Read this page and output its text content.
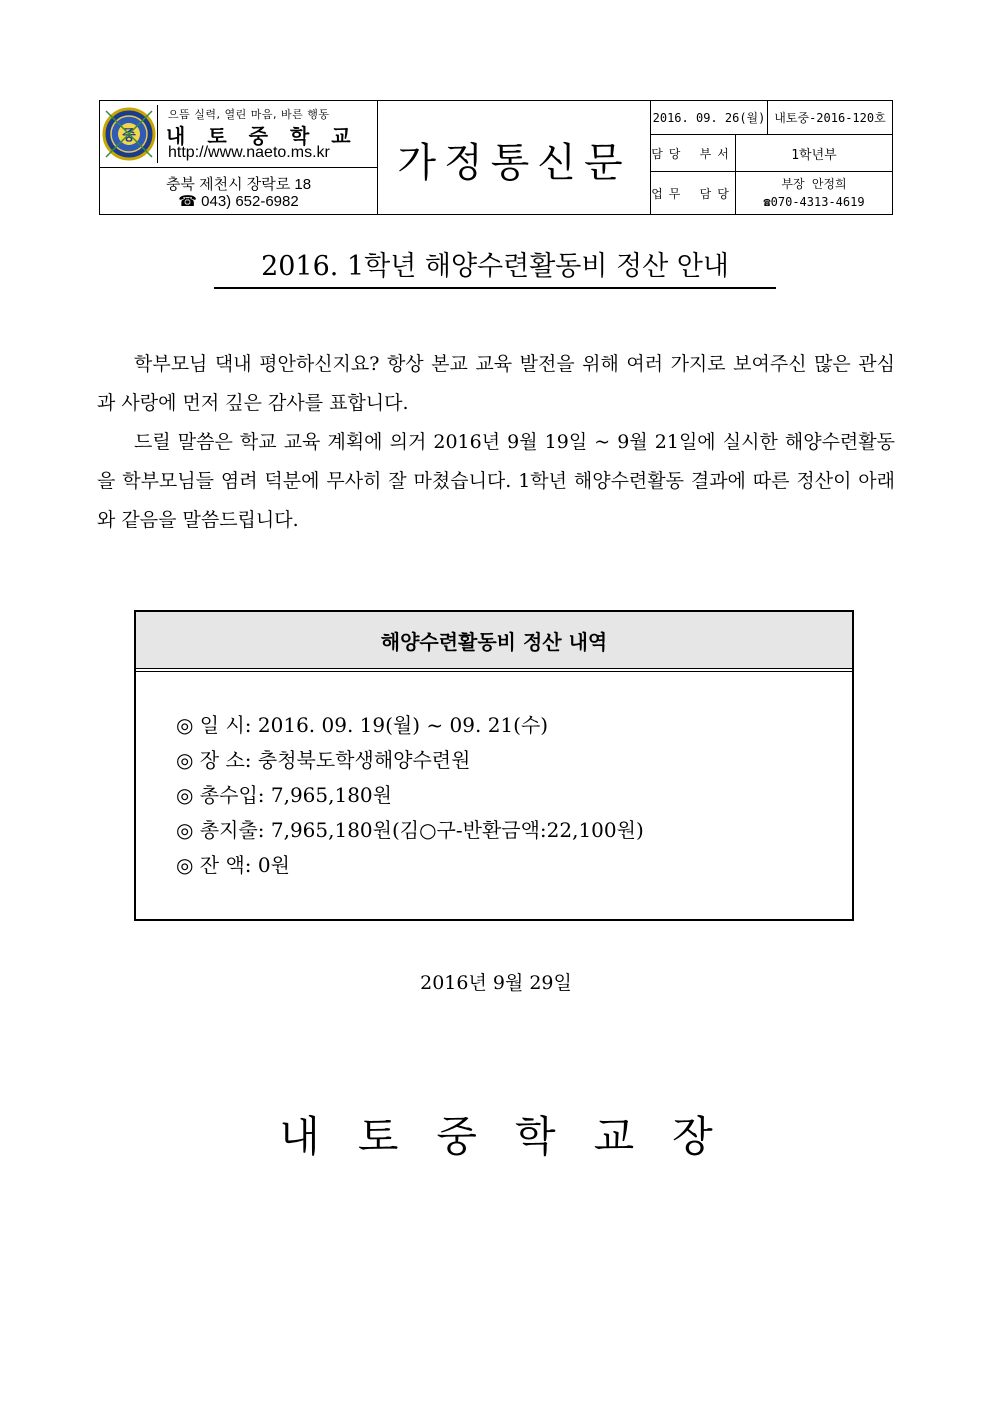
중
으뜸 실력, 열린 마음, 바른 행동
내토중학교
http://www.naeto.ms.kr
충북 제천시 장락로 18
☎ 043) 652-6982
가정통신문
2016. 09. 26(월) 내토중-2016-120호
담당 부서	1학년부
업무 담당
부장 안정희
☎070-4313-4619
2016. 1학년 해양수련활동비 정산 안내
학부모님 댁내 평안하신지요? 항상 본교 교육 발전을 위해 여러 가지로 보여주신 많은 관심과 사랑에 먼저 깊은 감사를 표합니다.
드릴 말씀은 학교 교육 계획에 의거 2016년 9월 19일 ~ 9월 21일에 실시한 해양수련활동을 학부모님들 염려 덕분에 무사히 잘 마쳤습니다. 1학년 해양수련활동 결과에 따른 정산이 아래와 같음을 말씀드립니다.
해양수련활동비 정산 내역
◎ 일 시: 2016. 09. 19(월) ~ 09. 21(수)
◎ 장 소: 충청북도학생해양수련원
◎ 총수입: 7,965,180원
◎ 총지출: 7,965,180원(김○구-반환금액:22,100원)
◎ 잔 액: 0원
2016년 9월 29일
내토중학교장
